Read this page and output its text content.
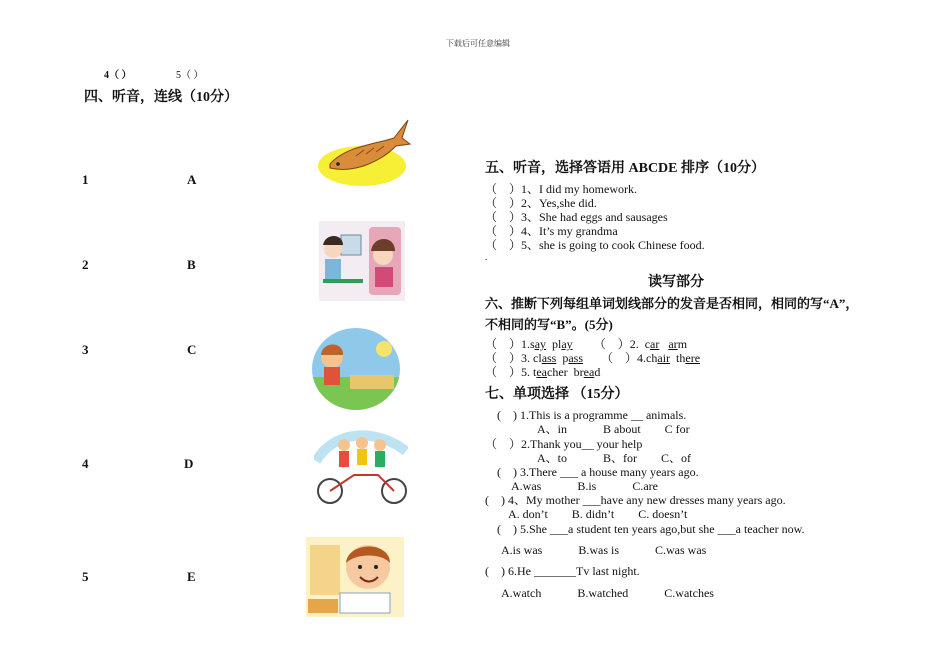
下载后可任意编辑
4（ ）	5（ ）
四、听音，连线（10分）
1
2
3
4
5
A
B
C
D
E
五、听音，选择答语用 ABCDE 排序（10分）
（　）1、I did my homework.
（　）2、Yes,she did.
（　）3、She had eggs and sausages
（　）4、It’s my grandma
（　）5、she is going to cook Chinese food.
.
读写部分
六、推断下列每组单词划线部分的发音是否相同，相同的写“A”，
不相同的写“B”。(5分)
（　）1.say play （　）2. car arm
（　）3. class pass （　）4.chair there
（　）5. teacher bread
七、单项选择 （15分）
(　) 1.This is a programme __ animals.
A、in　　　B about　　C for
（　）2.Thank you__ your help
A、to　　　B、for　　C、of
(　) 3.There ___ a house many years ago.
A.was　　　B.is　　　C.are
(　) 4、My mother ___have any new dresses many years ago.
A. don’t　　B. didn’t　　C. doesn’t
(　) 5.She ___a student ten years ago,but she ___a teacher now.
A.is was　　　B.was is　　　C.was was
(　) 6.He _______Tv last night.
A.watch　　　B.watched　　　C.watches
